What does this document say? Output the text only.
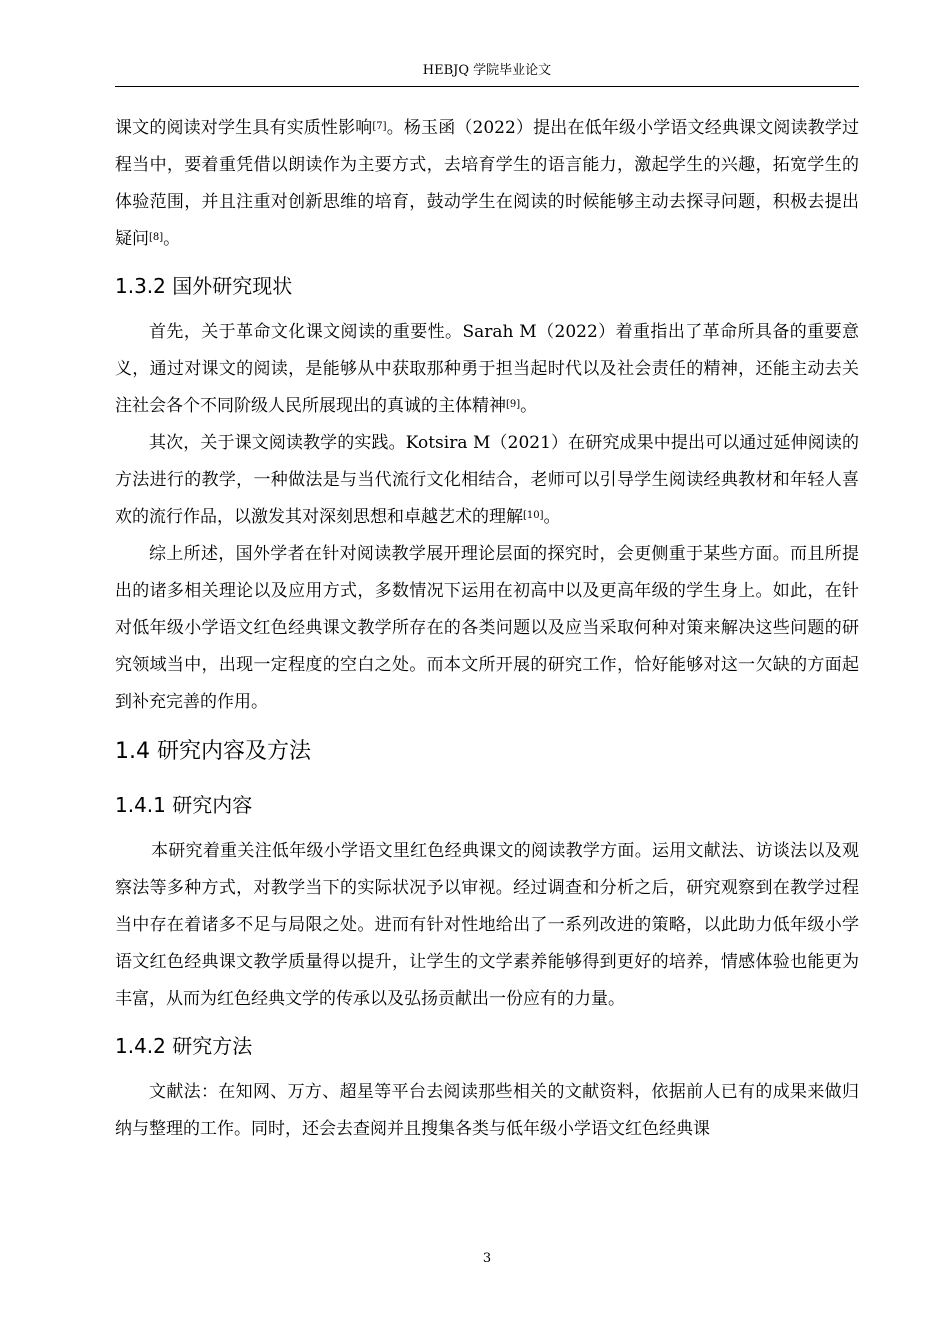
HEBJQ 学院毕业论文

课文的阅读对学生具有实质性影响[7]。杨玉函（2022）提出在低年级小学语文经典课文阅读教学过程当中，要着重凭借以朗读作为主要方式，去培育学生的语言能力，激起学生的兴趣，拓宽学生的体验范围，并且注重对创新思维的培育，鼓动学生在阅读的时候能够主动去探寻问题，积极去提出疑问[8]。

1.3.2 国外研究现状

首先，关于革命文化课文阅读的重要性。Sarah M（2022）着重指出了革命所具备的重要意义，通过对课文的阅读，是能够从中获取那种勇于担当起时代以及社会责任的精神，还能主动去关注社会各个不同阶级人民所展现出的真诚的主体精神[9]。

其次，关于课文阅读教学的实践。Kotsira M（2021）在研究成果中提出可以通过延伸阅读的方法进行的教学，一种做法是与当代流行文化相结合，老师可以引导学生阅读经典教材和年轻人喜欢的流行作品，以激发其对深刻思想和卓越艺术的理解[10]。

综上所述，国外学者在针对阅读教学展开理论层面的探究时，会更侧重于某些方面。而且所提出的诸多相关理论以及应用方式，多数情况下运用在初高中以及更高年级的学生身上。如此，在针对低年级小学语文红色经典课文教学所存在的各类问题以及应当采取何种对策来解决这些问题的研究领域当中，出现一定程度的空白之处。而本文所开展的研究工作，恰好能够对这一欠缺的方面起到补充完善的作用。

1.4 研究内容及方法
1.4.1 研究内容

本研究着重关注低年级小学语文里红色经典课文的阅读教学方面。运用文献法、访谈法以及观察法等多种方式，对教学当下的实际状况予以审视。经过调查和分析之后，研究观察到在教学过程当中存在着诸多不足与局限之处。进而有针对性地给出了一系列改进的策略，以此助力低年级小学语文红色经典课文教学质量得以提升，让学生的文学素养能够得到更好的培养，情感体验也能更为丰富，从而为红色经典文学的传承以及弘扬贡献出一份应有的力量。

1.4.2 研究方法

文献法：在知网、万方、超星等平台去阅读那些相关的文献资料，依据前人已有的成果来做归纳与整理的工作。同时，还会去查阅并且搜集各类与低年级小学语文红色经典课

3
